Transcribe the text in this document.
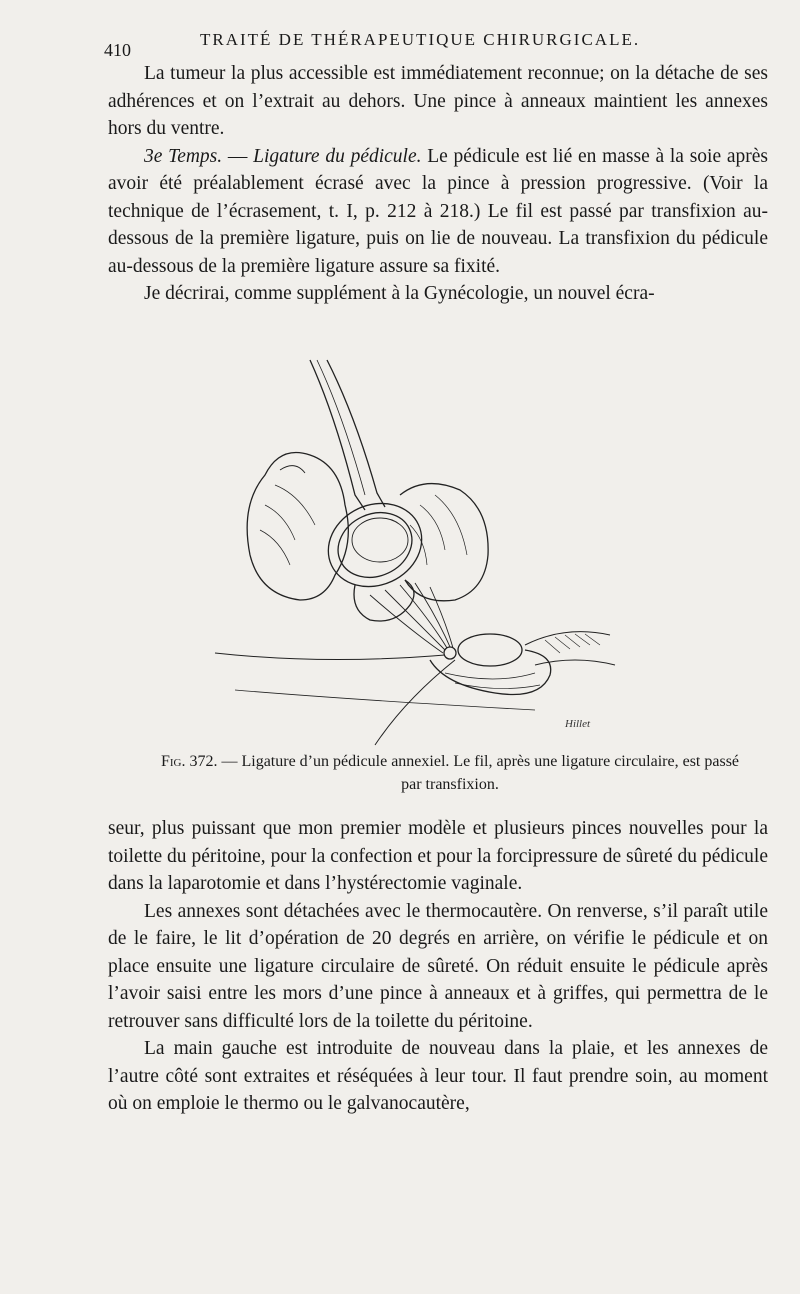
410
TRAITÉ DE THÉRAPEUTIQUE CHIRURGICALE.

La tumeur la plus accessible est immédiatement reconnue; on la détache de ses adhérences et on l’extrait au dehors. Une pince à anneaux maintient les annexes hors du ventre.

3e Temps. — Ligature du pédicule. Le pédicule est lié en masse à la soie après avoir été préalablement écrasé avec la pince à pression progressive. (Voir la technique de l’écrasement, t. I, p. 212 à 218.) Le fil est passé par transfixion au-dessous de la première ligature, puis on lie de nouveau. La transfixion du pédicule au-dessous de la première ligature assure sa fixité.

Je décrirai, comme supplément à la Gynécologie, un nouvel écra-

Hillet
Fig. 372. — Ligature d’un pédicule annexiel. Le fil, après une ligature circulaire, est passé par transfixion.

seur, plus puissant que mon premier modèle et plusieurs pinces nouvelles pour la toilette du péritoine, pour la confection et pour la forcipressure de sûreté du pédicule dans la laparotomie et dans l’hystérectomie vaginale.

Les annexes sont détachées avec le thermocautère. On renverse, s’il paraît utile de le faire, le lit d’opération de 20 degrés en arrière, on vérifie le pédicule et on place ensuite une ligature circulaire de sûreté. On réduit ensuite le pédicule après l’avoir saisi entre les mors d’une pince à anneaux et à griffes, qui permettra de le retrouver sans difficulté lors de la toilette du péritoine.

La main gauche est introduite de nouveau dans la plaie, et les annexes de l’autre côté sont extraites et réséquées à leur tour. Il faut prendre soin, au moment où on emploie le thermo ou le galvanocautère,
